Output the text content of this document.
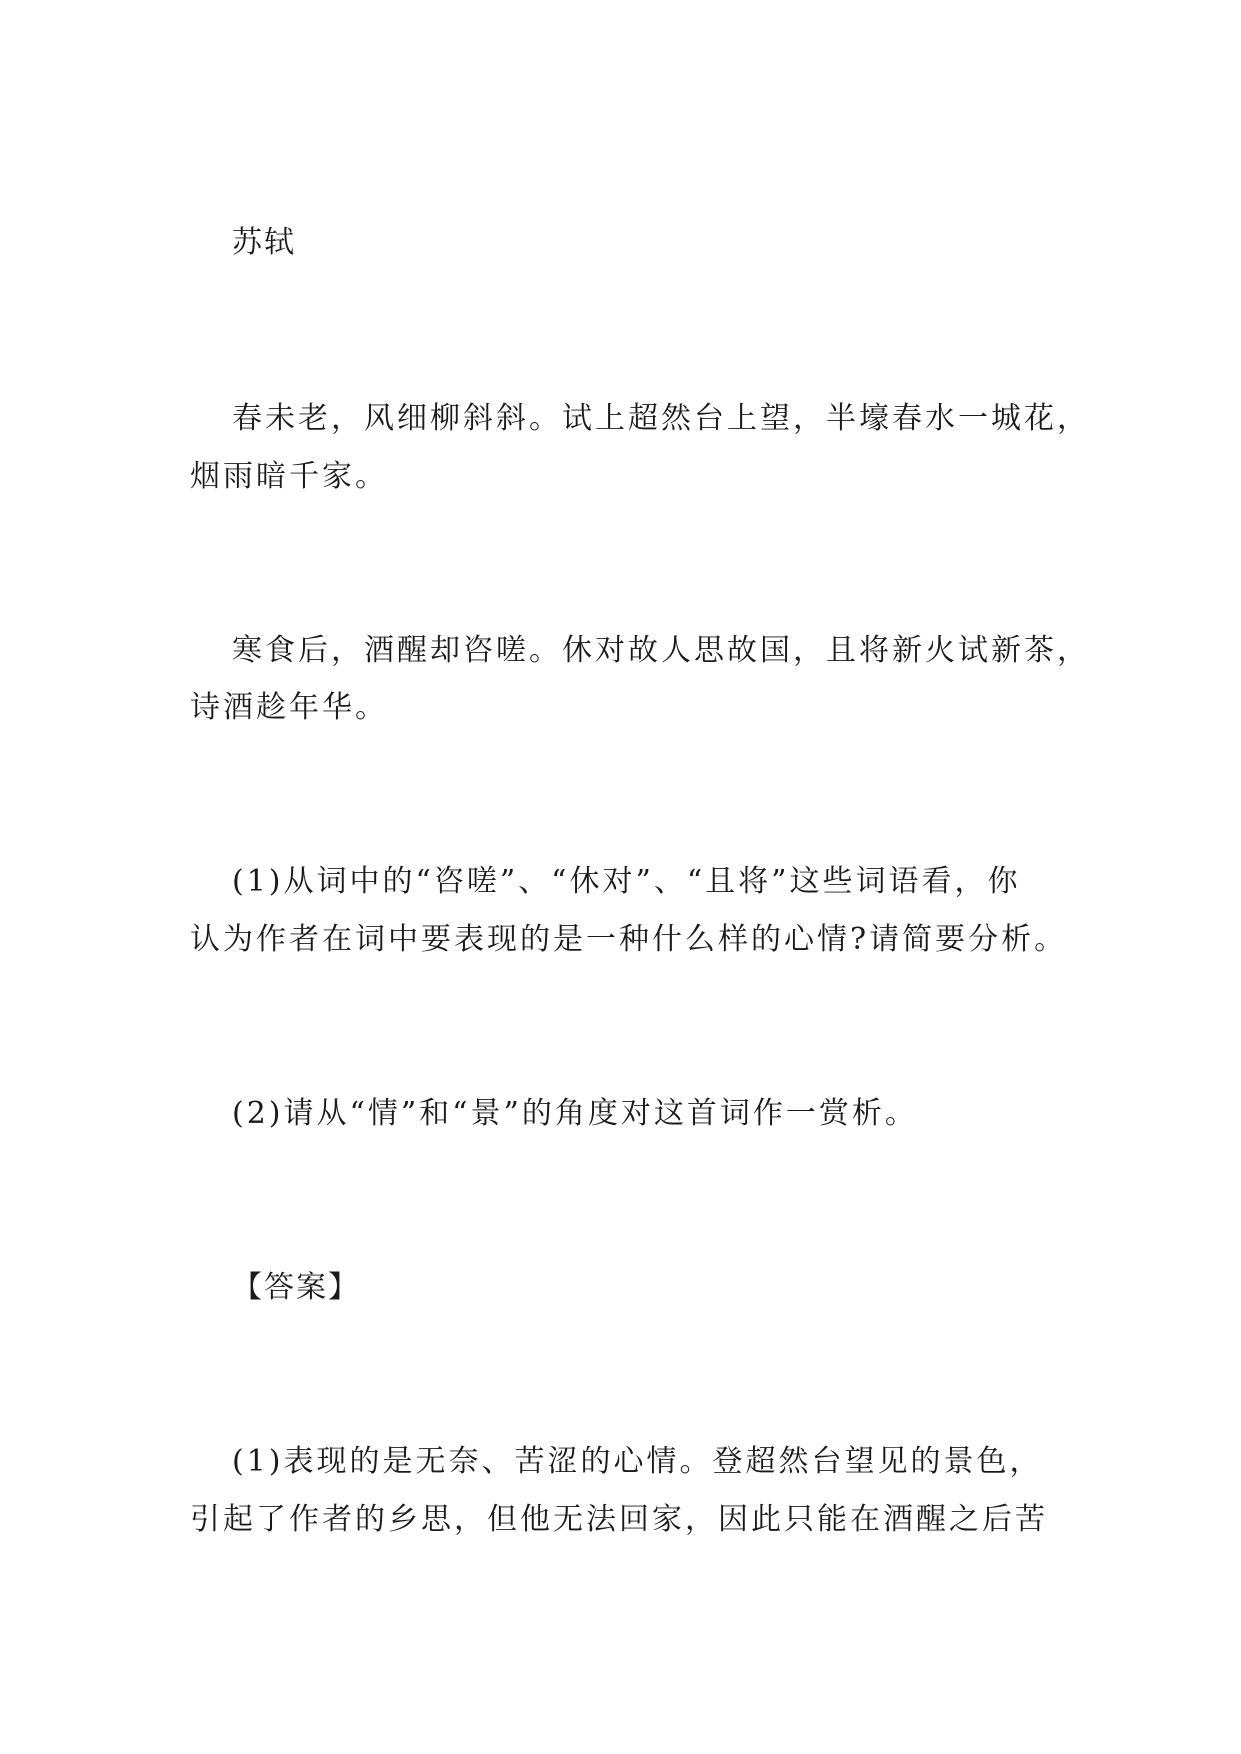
苏轼

春未老，风细柳斜斜。试上超然台上望，半壕春水一城花，

烟雨暗千家。

寒食后，酒醒却咨嗟。休对故人思故国，且将新火试新茶，

诗酒趁年华。

(1)从词中的“咨嗟”、“休对”、“且将”这些词语看，你

认为作者在词中要表现的是一种什么样的心情?请简要分析。

(2)请从“情”和“景”的角度对这首词作一赏析。

【答案】

(1)表现的是无奈、苦涩的心情。登超然台望见的景色，

引起了作者的乡思，但他无法回家，因此只能在酒醒之后苦
